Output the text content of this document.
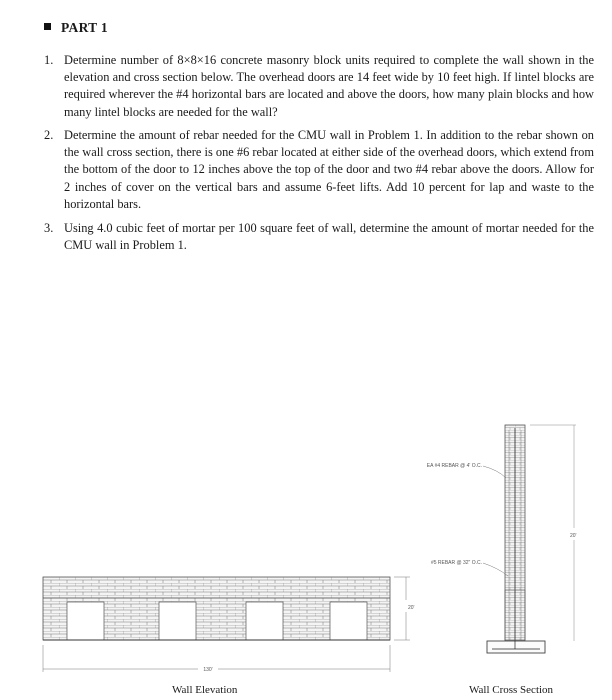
PART 1
1. Determine number of 8×8×16 concrete masonry block units required to complete the wall shown in the elevation and cross section below. The overhead doors are 14 feet wide by 10 feet high. If lintel blocks are required wherever the #4 horizontal bars are located and above the doors, how many plain blocks and how many lintel blocks are needed for the wall?
2. Determine the amount of rebar needed for the CMU wall in Problem 1. In addition to the rebar shown on the wall cross section, there is one #6 rebar located at either side of the overhead doors, which extend from the bottom of the door to 12 inches above the top of the door and two #4 rebar above the doors. Allow for 2 inches of cover on the vertical bars and assume 6-feet lifts. Add 10 percent for lap and waste to the horizontal bars.
3. Using 4.0 cubic feet of mortar per 100 square feet of wall, determine the amount of mortar needed for the CMU wall in Problem 1.
130'
20'
EA #4 REBAR @ 4' O.C.
#5 REBAR @ 32" O.C.
20'
Wall Elevation	Wall Cross Section
